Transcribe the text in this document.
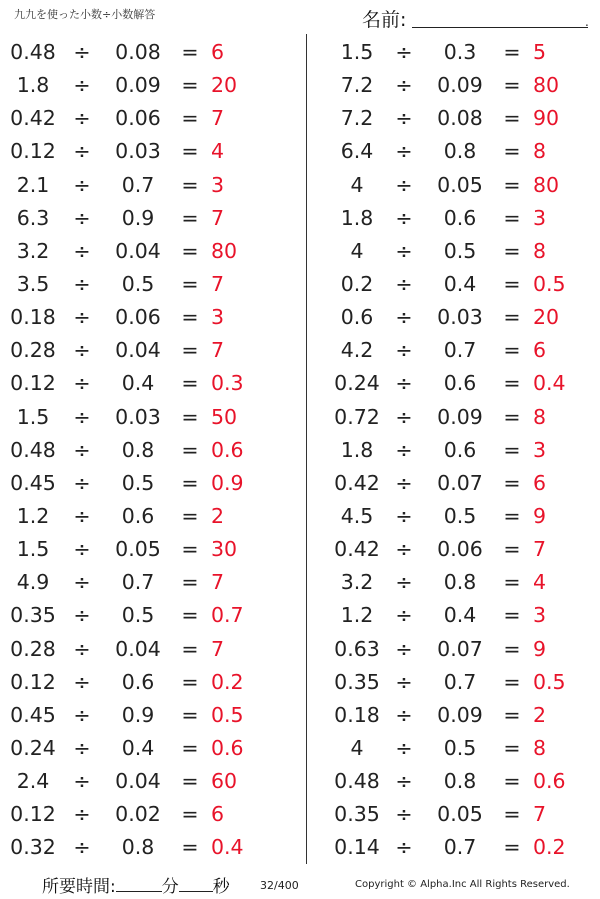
九九を使った小数÷小数解答	名前:	.
0.48 ÷	0.08	= 6
1.8	÷	0.09	= 20
0.42 ÷	0.06	= 7
0.12 ÷	0.03	= 4
2.1	÷	0.7	= 3
6.3	÷	0.9	= 7
3.2	÷	0.04	= 80
3.5	÷	0.5	= 7
0.18 ÷	0.06	= 3
0.28 ÷	0.04	= 7
0.12 ÷	0.4	= 0.3
1.5	÷	0.03	= 50
0.48 ÷	0.8	= 0.6
0.45 ÷	0.5	= 0.9
1.2	÷	0.6	= 2
1.5	÷	0.05	= 30
4.9	÷	0.7	= 7
0.35 ÷	0.5	= 0.7
0.28 ÷	0.04	= 7
0.12 ÷	0.6	= 0.2
0.45 ÷	0.9	= 0.5
0.24 ÷	0.4	= 0.6
2.4	÷	0.04	= 60
0.12 ÷	0.02	= 6
0.32 ÷	0.8	= 0.4
1.5	÷	0.3	= 5
7.2	÷	0.09	= 80
7.2	÷	0.08	= 90
6.4	÷	0.8	= 8
4	÷	0.05	= 80
1.8	÷	0.6	= 3
4	÷	0.5	= 8
0.2	÷	0.4	= 0.5
0.6	÷	0.03	= 20
4.2	÷	0.7	= 6
0.24 ÷	0.6	= 0.4
0.72 ÷	0.09	= 8
1.8	÷	0.6	= 3
0.42 ÷	0.07	= 6
4.5	÷	0.5	= 9
0.42 ÷	0.06	= 7
3.2	÷	0.8	= 4
1.2	÷	0.4	= 3
0.63 ÷	0.07	= 9
0.35 ÷	0.7	= 0.5
0.18 ÷	0.09	= 2
4	÷	0.5	= 8
0.48 ÷	0.8	= 0.6
0.35 ÷	0.05	= 7
0.14 ÷	0.7	= 0.2
所要時間:	分 秒	32/400	Copyright © Alpha.Inc All Rights Reserved.
